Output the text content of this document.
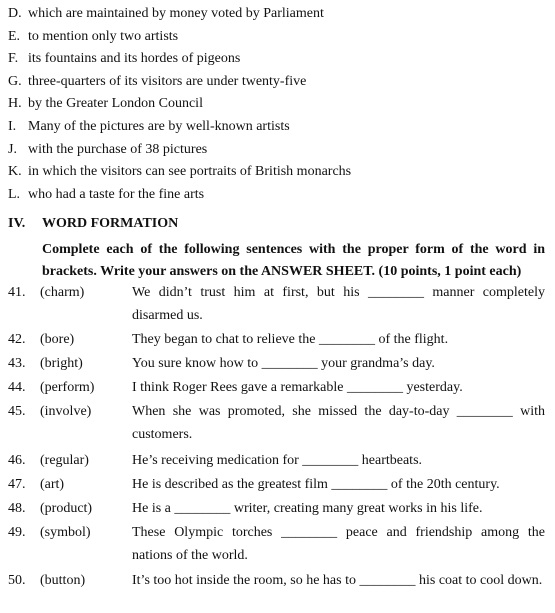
D. which are maintained by money voted by Parliament
E. to mention only two artists
F. its fountains and its hordes of pigeons
G. three-quarters of its visitors are under twenty-five
H. by the Greater London Council
I. Many of the pictures are by well-known artists
J. with the purchase of 38 pictures
K. in which the visitors can see portraits of British monarchs
L. who had a taste for the fine arts
IV. WORD FORMATION
Complete each of the following sentences with the proper form of the word in brackets. Write your answers on the ANSWER SHEET. (10 points, 1 point each)
41.	(charm)	We didn’t trust him at first, but his ________ manner completely disarmed us.
42.	(bore)	They began to chat to relieve the ________ of the flight.
43.	(bright)	You sure know how to ________ your grandma’s day.
44.	(perform)	I think Roger Rees gave a remarkable ________ yesterday.
45.	(involve)	When she was promoted, she missed the day-to-day ________ with customers.
46.	(regular)	He’s receiving medication for ________ heartbeats.
47.	(art)	He is described as the greatest film ________ of the 20th century.
48.	(product)	He is a ________ writer, creating many great works in his life.
49.	(symbol)	These Olympic torches ________ peace and friendship among the nations of the world.
50.	(button)	It’s too hot inside the room, so he has to ________ his coat to cool down.
